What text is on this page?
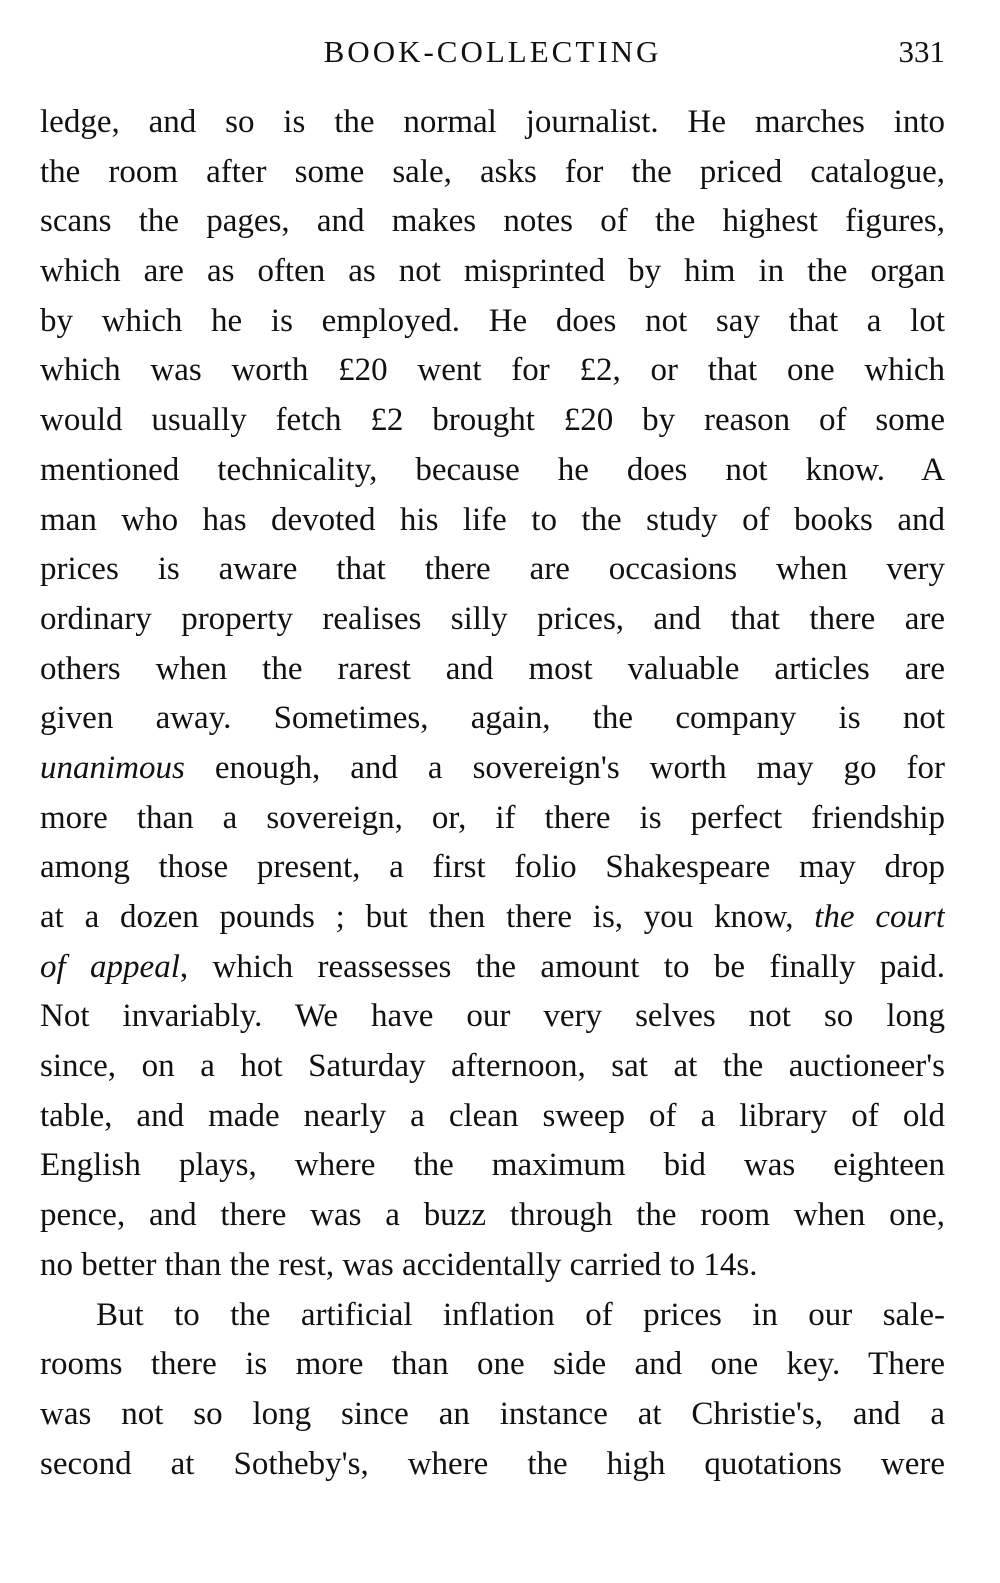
BOOK-COLLECTING	331
ledge, and so is the normal journalist. He marches into
the room after some sale, asks for the priced catalogue,
scans the pages, and makes notes of the highest figures,
which are as often as not misprinted by him in the organ
by which he is employed. He does not say that a lot
which was worth £20 went for £2, or that one which
would usually fetch £2 brought £20 by reason of some
mentioned technicality, because he does not know. A
man who has devoted his life to the study of books and
prices is aware that there are occasions when very
ordinary property realises silly prices, and that there are
others when the rarest and most valuable articles are
given away. Sometimes, again, the company is not
unanimous enough, and a sovereign's worth may go for
more than a sovereign, or, if there is perfect friendship
among those present, a first folio Shakespeare may drop
at a dozen pounds ; but then there is, you know, the court
of appeal, which reassesses the amount to be finally paid.
Not invariably. We have our very selves not so long
since, on a hot Saturday afternoon, sat at the auctioneer's
table, and made nearly a clean sweep of a library of old
English plays, where the maximum bid was eighteen
pence, and there was a buzz through the room when one,
no better than the rest, was accidentally carried to 14s.
But to the artificial inflation of prices in our sale-
rooms there is more than one side and one key. There
was not so long since an instance at Christie's, and a
second at Sotheby's, where the high quotations were
